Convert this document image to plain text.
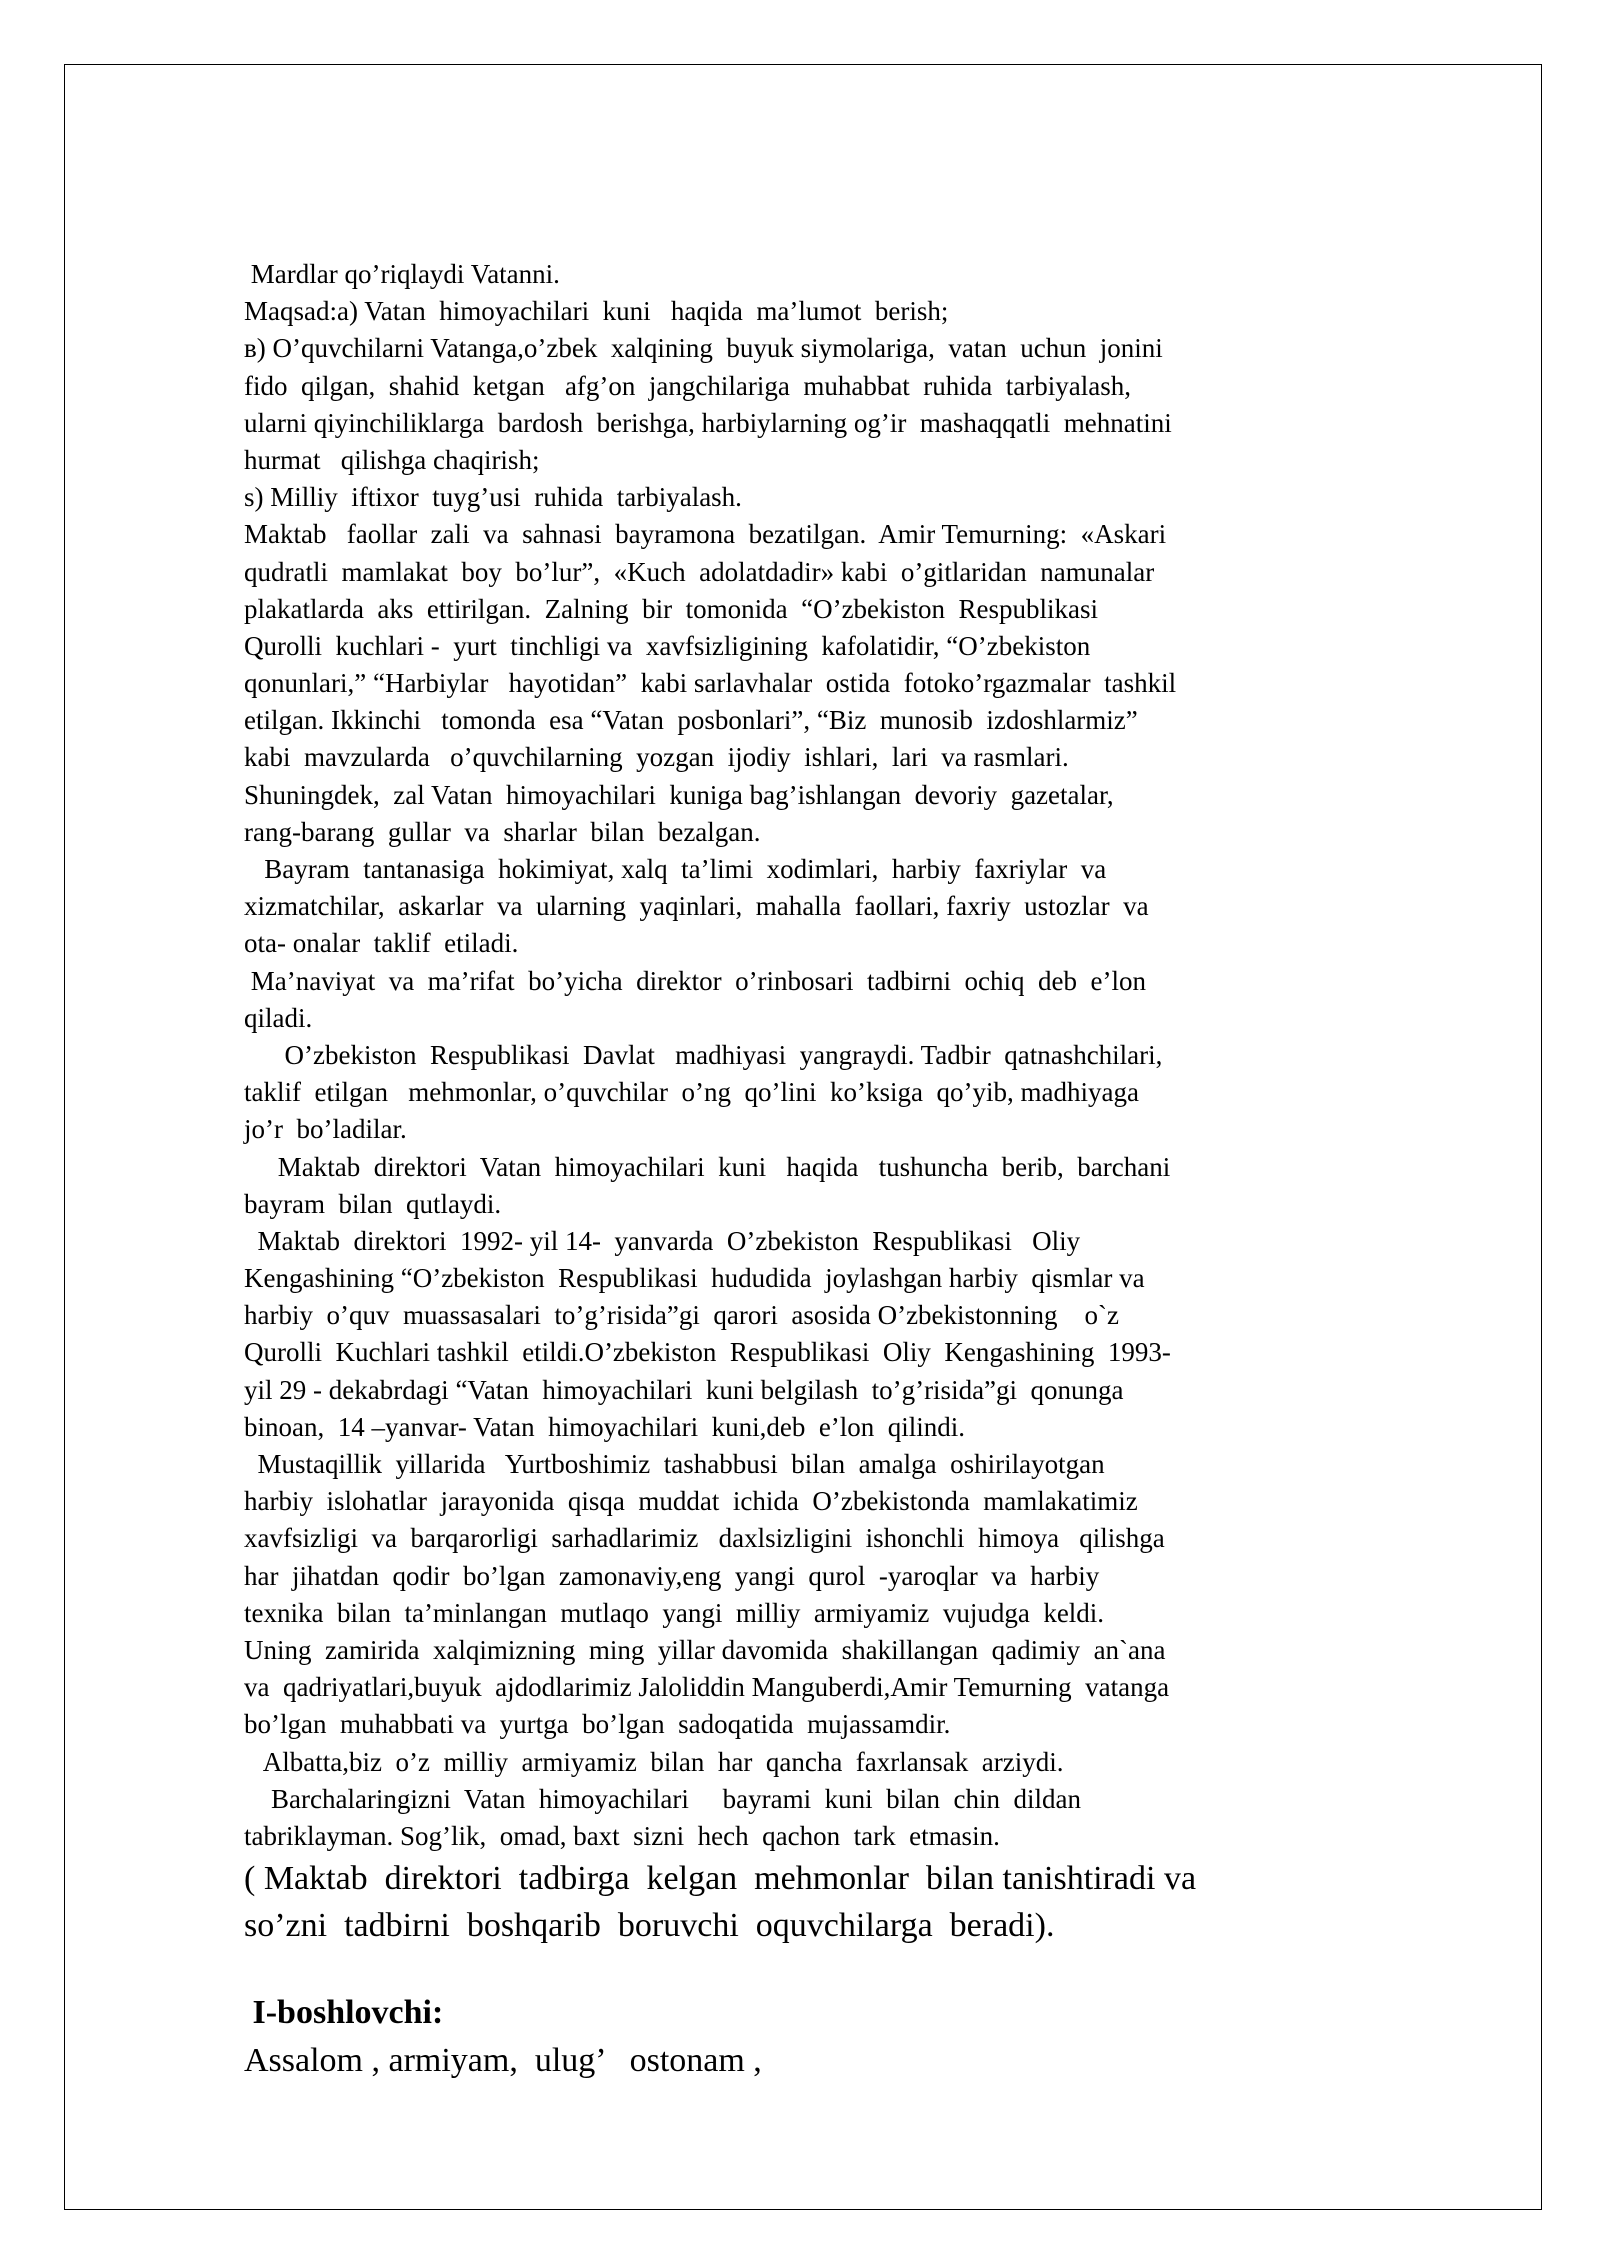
Mardlar qo’riqlaydi Vatanni.
Maqsad:a) Vatan  himoyachilari  kuni   haqida  ma’lumot  berish;
в) O’quvchilarni Vatanga,o’zbek  xalqining  buyuk siymolariga,  vatan  uchun  jonini
fido  qilgan,  shahid  ketgan   afg’on  jangchilariga  muhabbat  ruhida  tarbiyalash,
ularni qiyinchiliklarga  bardosh  berishga, harbiylarning og’ir  mashaqqatli  mehnatini
hurmat   qilishga chaqirish;
s) Milliy  iftixor  tuyg’usi  ruhida  tarbiyalash.
Maktab   faollar  zali  va  sahnasi  bayramona  bezatilgan.  Amir Temurning:  «Askari
qudratli  mamlakat  boy  bo’lur”,  «Kuch  adolatdadir» kabi  o’gitlaridan  namunalar
plakatlarda  aks  ettirilgan.  Zalning  bir  tomonida  “O’zbekiston  Respublikasi
Qurolli  kuchlari -  yurt  tinchligi va  xavfsizligining  kafolatidir, “O’zbekiston
qonunlari,” “Harbiylar   hayotidan”  kabi sarlavhalar  ostida  fotoko’rgazmalar  tashkil
etilgan. Ikkinchi   tomonda  esa “Vatan  posbonlari”, “Biz  munosib  izdoshlarmiz”
kabi  mavzularda   o’quvchilarning  yozgan  ijodiy  ishlari,  lari  va rasmlari.
Shuningdek,  zal Vatan  himoyachilari  kuniga bag’ishlangan  devoriy  gazetalar,
rang-barang  gullar  va  sharlar  bilan  bezalgan.
Bayram  tantanasiga  hokimiyat, xalq  ta’limi  xodimlari,  harbiy  faxriylar  va
xizmatchilar,  askarlar  va  ularning  yaqinlari,  mahalla  faollari, faxriy  ustozlar  va
ota- onalar  taklif  etiladi.
Ma’naviyat  va  ma’rifat  bo’yicha  direktor  o’rinbosari  tadbirni  ochiq  deb  e’lon
qiladi.
O’zbekiston  Respublikasi  Davlat   madhiyasi  yangraydi. Tadbir  qatnashchilari,
taklif  etilgan   mehmonlar, o’quvchilar  o’ng  qo’lini  ko’ksiga  qo’yib, madhiyaga
jo’r  bo’ladilar.
Maktab  direktori  Vatan  himoyachilari  kuni   haqida   tushuncha  berib,  barchani
bayram  bilan  qutlaydi.
Maktab  direktori  1992- yil 14-  yanvarda  O’zbekiston  Respublikasi   Oliy
Kengashining “O’zbekiston  Respublikasi  hududida  joylashgan harbiy  qismlar va
harbiy  o’quv  muassasalari  to’g’risida”gi  qarori  asosida O’zbekistonning    o`z
Qurolli  Kuchlari tashkil  etildi.O’zbekiston  Respublikasi  Oliy  Kengashining  1993-
yil 29 - dekabrdagi “Vatan  himoyachilari  kuni belgilash  to’g’risida”gi  qonunga
binoan,  14 –yanvar- Vatan  himoyachilari  kuni,deb  e’lon  qilindi.
Mustaqillik  yillarida   Yurtboshimiz  tashabbusi  bilan  amalga  oshirilayotgan
harbiy  islohatlar  jarayonida  qisqa  muddat  ichida  O’zbekistonda  mamlakatimiz
xavfsizligi  va  barqarorligi  sarhadlarimiz   daxlsizligini  ishonchli  himoya   qilishga
har  jihatdan  qodir  bo’lgan  zamonaviy,eng  yangi  qurol  -yaroqlar  va  harbiy
texnika  bilan  ta’minlangan  mutlaqo  yangi  milliy  armiyamiz  vujudga  keldi.
Uning  zamirida  xalqimizning  ming  yillar davomida  shakillangan  qadimiy  an`ana
va  qadriyatlari,buyuk  ajdodlarimiz Jaloliddin Manguberdi,Amir Temurning  vatanga
bo’lgan  muhabbati va  yurtga  bo’lgan  sadoqatida  mujassamdir.
Albatta,biz  o’z  milliy  armiyamiz  bilan  har  qancha  faxrlansak  arziydi.
Barchalaringizni  Vatan  himoyachilari     bayrami  kuni  bilan  chin  dildan
tabriklayman. Sog’lik,  omad, baxt  sizni  hech  qachon  tark  etmasin.
( Maktab  direktori  tadbirga  kelgan  mehmonlar  bilan tanishtiradi va
so’zni  tadbirni  boshqarib  boruvchi  oquvchilarga  beradi).
I-boshlovchi:
Assalom , armiyam,  ulug’   ostonam ,
